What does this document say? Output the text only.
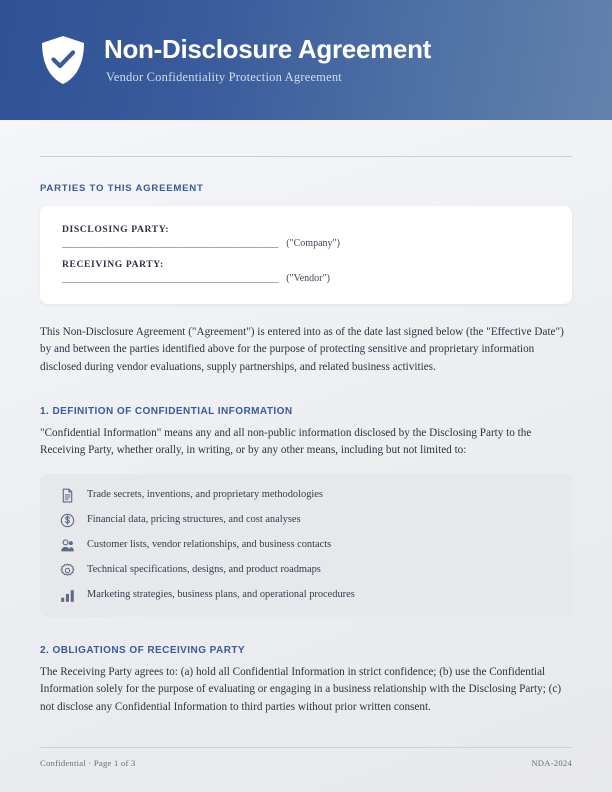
Non-Disclosure Agreement
Vendor Confidentiality Protection Agreement
PARTIES TO THIS AGREEMENT
DISCLOSING PARTY:
______________________________________________ ("Company")
RECEIVING PARTY:
______________________________________________ ("Vendor")
This Non-Disclosure Agreement ("Agreement") is entered into as of the date last signed below (the "Effective Date") by and between the parties identified above for the purpose of protecting sensitive and proprietary information disclosed during vendor evaluations, supply partnerships, and related business activities.
1. DEFINITION OF CONFIDENTIAL INFORMATION
"Confidential Information" means any and all non-public information disclosed by the Disclosing Party to the Receiving Party, whether orally, in writing, or by any other means, including but not limited to:
Trade secrets, inventions, and proprietary methodologies
Financial data, pricing structures, and cost analyses
Customer lists, vendor relationships, and business contacts
Technical specifications, designs, and product roadmaps
Marketing strategies, business plans, and operational procedures
2. OBLIGATIONS OF RECEIVING PARTY
The Receiving Party agrees to: (a) hold all Confidential Information in strict confidence; (b) use the Confidential Information solely for the purpose of evaluating or engaging in a business relationship with the Disclosing Party; (c) not disclose any Confidential Information to third parties without prior written consent.
Confidential · Page 1 of 3	NDA-2024
